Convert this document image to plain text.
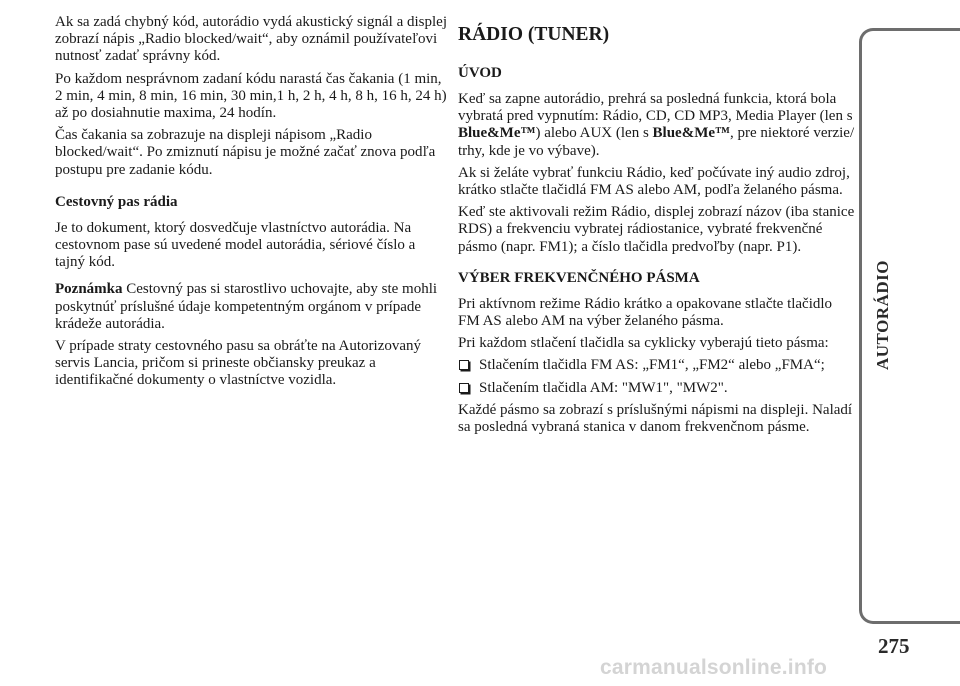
Ak sa zadá chybný kód, autorádio vydá akustický signál a displej zobrazí nápis „Radio blocked/wait“, aby oznámil používateľovi nutnosť zadať správny kód.

Po každom nesprávnom zadaní kódu narastá čas čakania (1 min, 2 min, 4 min, 8 min, 16 min, 30 min,1 h, 2 h, 4 h, 8 h, 16 h, 24 h) až po dosiahnutie maxima, 24 hodín.

Čas čakania sa zobrazuje na displeji nápisom „Radio blocked/wait“. Po zmiznutí nápisu je možné začať znova podľa postupu pre zadanie kódu.

Cestovný pas rádia

Je to dokument, ktorý dosvedčuje vlastníctvo autorádia. Na cestovnom pase sú uvedené model autorádia, sériové číslo a tajný kód.

Poznámka Cestovný pas si starostlivo uchovajte, aby ste mohli poskytnúť príslušné údaje kompetentným orgánom v prípade krádeže autorádia.

V prípade straty cestovného pasu sa obráťte na Autorizovaný servis Lancia, pričom si prineste občiansky preukaz a identifikačné dokumenty o vlastníctve vozidla.

RÁDIO (TUNER)
ÚVOD

Keď sa zapne autorádio, prehrá sa posledná funkcia, ktorá bola vybratá pred vypnutím: Rádio, CD, CD MP3, Media Player (len s Blue&Me™) alebo AUX (len s Blue&Me™, pre niektoré verzie/ trhy, kde je vo výbave).

Ak si želáte vybrať funkciu Rádio, keď počúvate iný audio zdroj, krátko stlačte tlačidlá FM AS alebo AM, podľa želaného pásma.

Keď ste aktivovali režim Rádio, displej zobrazí názov (iba stanice RDS) a frekvenciu vybratej rádiostanice, vybraté frekvenčné pásmo (napr. FM1); a číslo tlačidla predvoľby (napr. P1).

VÝBER FREKVENČNÉHO PÁSMA

Pri aktívnom režime Rádio krátko a opakovane stlačte tlačidlo FM AS alebo AM na výber želaného pásma.

Pri každom stlačení tlačidla sa cyklicky vyberajú tieto pásma:

Stlačením tlačidla FM AS: „FM1“, „FM2“ alebo „FMA“;

Stlačením tlačidla AM: "MW1", "MW2".

Každé pásmo sa zobrazí s príslušnými nápismi na displeji. Naladí sa posledná vybraná stanica v danom frekvenčnom pásme.

275
carmanualsonline.info
